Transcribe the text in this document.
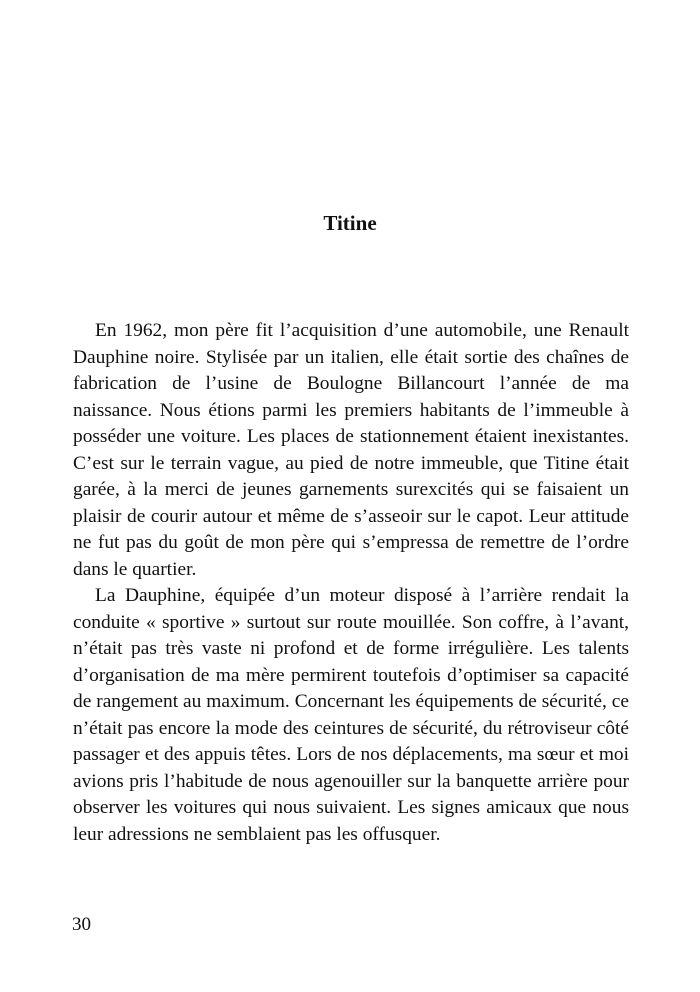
Titine

En 1962, mon père fit l’acquisition d’une automobile, une Renault Dauphine noire. Stylisée par un italien, elle était sortie des chaînes de fabrication de l’usine de Boulogne Billancourt l’année de ma naissance. Nous étions parmi les premiers habitants de l’immeuble à posséder une voiture. Les places de stationnement étaient inexistantes. C’est sur le terrain vague, au pied de notre immeuble, que Titine était garée, à la merci de jeunes garnements surexcités qui se faisaient un plaisir de courir autour et même de s’asseoir sur le capot. Leur attitude ne fut pas du goût de mon père qui s’empressa de remettre de l’ordre dans le quartier.

La Dauphine, équipée d’un moteur disposé à l’arrière rendait la conduite « sportive » surtout sur route mouillée. Son coffre, à l’avant, n’était pas très vaste ni profond et de forme irrégulière. Les talents d’organisation de ma mère permirent toutefois d’optimiser sa capacité de rangement au maximum. Concernant les équipements de sécurité, ce n’était pas encore la mode des ceintures de sécurité, du rétroviseur côté passager et des appuis têtes. Lors de nos déplacements, ma sœur et moi avions pris l’habitude de nous agenouiller sur la banquette arrière pour observer les voitures qui nous suivaient. Les signes amicaux que nous leur adressions ne semblaient pas les offusquer.

30
